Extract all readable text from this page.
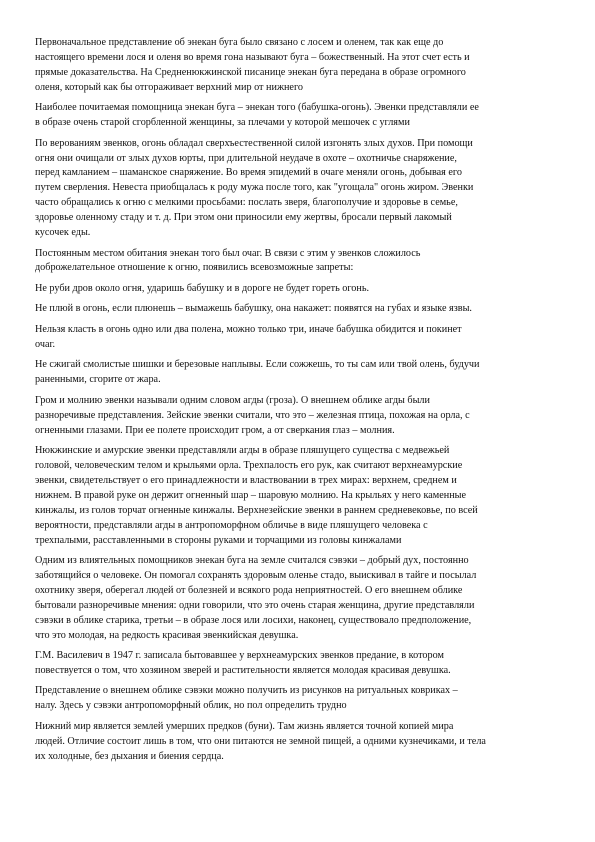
Первоначальное представление об энекан буга было связано с лосем и оленем, так как еще до
настоящего времени лося и оленя во время гона называют буга – божественный. На этот счет есть и
прямые доказательства. На Средненюкжинской писанице энекан буга передана в образе огромного
оленя, который как бы отгораживает верхний мир от нижнего

Наиболее почитаемая помощница энекан буга – энекан того (бабушка-огонь). Эвенки представляли ее
в образе очень старой сгорбленной женщины, за плечами у которой мешочек с углями

По верованиям эвенков, огонь обладал сверхъестественной силой изгонять злых духов. При помощи
огня они очищали от злых духов юрты, при длительной неудаче в охоте – охотничье снаряжение,
перед камланием – шаманское снаряжение. Во время эпидемий в очаге меняли огонь, добывая его
путем сверления. Невеста приобщалась к роду мужа после того, как "угощала" огонь жиром. Эвенки
часто обращались к огню с мелкими просьбами: послать зверя, благополучие и здоровье в семье,
здоровье оленному стаду и т. д. При этом они приносили ему жертвы, бросали первый лакомый
кусочек еды.

Постоянным местом обитания энекан того был очаг. В связи с этим у эвенков сложилось
доброжелательное отношение к огню, появились всевозможные запреты:

Не руби дров около огня, ударишь бабушку и в дороге не будет гореть огонь.

Не плюй в огонь, если плюнешь – вымажешь бабушку, она накажет: появятся на губах и языке язвы.

Нельзя класть в огонь одно или два полена, можно только три, иначе бабушка обидится и покинет
очаг.

Не сжигай смолистые шишки и березовые наплывы. Если сожжешь, то ты сам или твой олень, будучи
раненными, сгорите от жара.

Гром и молнию эвенки называли одним словом агды (гроза). О внешнем облике агды были
разноречивые представления. Зейские эвенки считали, что это – железная птица, похожая на орла, с
огненными глазами. При ее полете происходит гром, а от сверкания глаз – молния.

Нюкжинские и амурские эвенки представляли агды в образе пляшущего существа с медвежьей
головой, человеческим телом и крыльями орла. Трехпалость его рук, как считают верхнеамурские
эвенки, свидетельствует о его принадлежности и властвовании в трех мирах: верхнем, среднем и
нижнем. В правой руке он держит огненный шар – шаровую молнию. На крыльях у него каменные
кинжалы, из голов торчат огненные кинжалы. Верхнезейские эвенки в раннем средневековье, по всей
вероятности, представляли агды в антропоморфном обличье в виде пляшущего человека с
трехпалыми, расставленными в стороны руками и торчащими из головы кинжалами

Одним из влиятельных помощников энекан буга на земле считался сэвэки – добрый дух, постоянно
заботящийся о человеке. Он помогал сохранять здоровым оленье стадо, выискивал в тайге и посылал
охотнику зверя, оберегал людей от болезней и всякого рода неприятностей. О его внешнем облике
бытовали разноречивые мнения: одни говорили, что это очень старая женщина, другие представляли
сэвэки в облике старика, третьи – в образе лося или лосихи, наконец, существовало предположение,
что это молодая, на редкость красивая эвенкийская девушка.

Г.М. Василевич в 1947 г. записала бытовавшее у верхнеамурских эвенков предание, в котором
повествуется о том, что хозяином зверей и растительности является молодая красивая девушка.

Представление о внешнем облике сэвэки можно получить из рисунков на ритуальных ковриках –
налу. Здесь у сэвэки антропоморфный облик, но пол определить трудно

Нижний мир является землей умерших предков (буни). Там жизнь является точной копией мира
людей. Отличие состоит лишь в том, что они питаются не земной пищей, а одними кузнечиками, и тела
их холодные, без дыхания и биения сердца.
